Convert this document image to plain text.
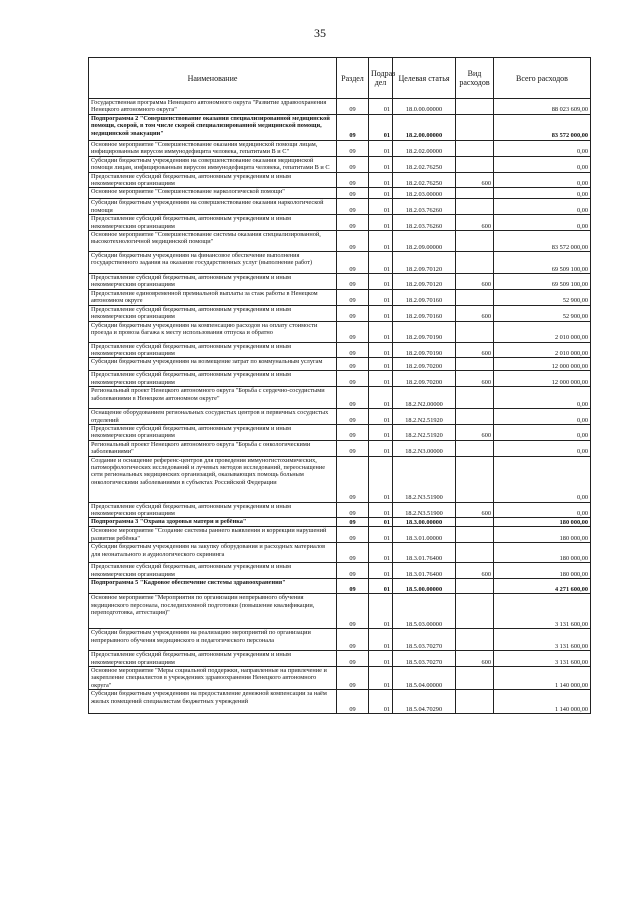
35
Наименование	Раздел	Подраз дел	Целевая статья	Вид расходов	Всего расходов
Государственная программа Ненецкого автономного округа "Развитие здравоохранения Ненецкого автономного округа"	09	01	18.0.00.00000		88 023 609,00
Подпрограмма 2 "Совершенствование оказания специализированной медицинской помощи, скорой, в том числе скорой специализированной медицинской помощи, медицинской эвакуации"	09	01	18.2.00.00000		83 572 000,00
Основное мероприятие "Совершенствование оказания медицинской помощи лицам, инфицированным вирусом иммунодефицита человека, гепатитами В и С"	09	01	18.2.02.00000		0,00
Субсидии бюджетным учреждениям на совершенствование оказания медицинской помощи лицам, инфицированным вирусом иммунодефицита человека, гепатитами В и С	09	01	18.2.02.76250		0,00
Предоставление субсидий бюджетным, автономным учреждениям и иным некоммерческим организациям	09	01	18.2.02.76250	600	0,00
Основное мероприятие "Совершенствование наркологической помощи"	09	01	18.2.03.00000		0,00
Субсидии бюджетным учреждениям на совершенствование оказания наркологической помощи	09	01	18.2.03.76260		0,00
Предоставление субсидий бюджетным, автономным учреждениям и иным некоммерческим организациям	09	01	18.2.03.76260	600	0,00
Основное мероприятие "Совершенствование системы оказания специализированной, высокотехнологичной медицинской помощи"	09	01	18.2.09.00000		83 572 000,00
Субсидии бюджетным учреждениям на финансовое обеспечение выполнения государственного задания на оказание государственных услуг (выполнение работ)	09	01	18.2.09.70120		69 509 100,00
Предоставление субсидий бюджетным, автономным учреждениям и иным некоммерческим организациям	09	01	18.2.09.70120	600	69 509 100,00
Предоставление единовременной премиальной выплаты за стаж работы в Ненецком автономном округе	09	01	18.2.09.70160		52 900,00
Предоставление субсидий бюджетным, автономным учреждениям и иным некоммерческим организациям	09	01	18.2.09.70160	600	52 900,00
Субсидии бюджетным учреждениям на компенсацию расходов на оплату стоимости проезда и провоза багажа к месту использования отпуска и обратно	09	01	18.2.09.70190		2 010 000,00
Предоставление субсидий бюджетным, автономным учреждениям и иным некоммерческим организациям	09	01	18.2.09.70190	600	2 010 000,00
Субсидии бюджетным учреждениям на возмещение затрат по коммунальным услугам	09	01	18.2.09.70200		12 000 000,00
Предоставление субсидий бюджетным, автономным учреждениям и иным некоммерческим организациям	09	01	18.2.09.70200	600	12 000 000,00
Региональный проект Ненецкого автономного округа "Борьба с сердечно-сосудистыми заболеваниями в Ненецком автономном округе"	09	01	18.2.N2.00000		0,00
Оснащение оборудованием региональных сосудистых центров и первичных сосудистых отделений	09	01	18.2.N2.51920		0,00
Предоставление субсидий бюджетным, автономным учреждениям и иным некоммерческим организациям	09	01	18.2.N2.51920	600	0,00
Региональный проект Ненецкого автономного округа "Борьба с онкологическими заболеваниями"	09	01	18.2.N3.00000		0,00
Создание и оснащение референс-центров для проведения иммуногистохимических, патоморфологических исследований и лучевых методов исследований, переоснащение сети региональных медицинских организаций, оказывающих помощь больным онкологическими заболеваниями в субъектах Российской Федерации	09	01	18.2.N3.51900		0,00
Предоставление субсидий бюджетным, автономным учреждениям и иным некоммерческим организациям	09	01	18.2.N3.51900	600	0,00
Подпрограмма 3 "Охрана здоровья матери и ребёнка"	09	01	18.3.00.00000		180 000,00
Основное мероприятие "Создание системы раннего выявления и коррекции нарушений развития ребёнка"	09	01	18.3.01.00000		180 000,00
Субсидии бюджетным учреждениям на закупку оборудования и расходных материалов для неонатального и аудиологического скрининга	09	01	18.3.01.76400		180 000,00
Предоставление субсидий бюджетным, автономным учреждениям и иным некоммерческим организациям	09	01	18.3.01.76400	600	180 000,00
Подпрограмма 5 "Кадровое обеспечение системы здравоохранения"	09	01	18.5.00.00000		4 271 600,00
Основное мероприятие "Мероприятия по организации непрерывного обучения медицинского персонала, последипломной подготовки (повышение квалификации, переподготовка, аттестация)"	09	01	18.5.03.00000		3 131 600,00
Субсидии бюджетным учреждениям на реализацию мероприятий по организации непрерывного обучения медицинского и педагогического персонала	09	01	18.5.03.70270		3 131 600,00
Предоставление субсидий бюджетным, автономным учреждениям и иным некоммерческим организациям	09	01	18.5.03.70270	600	3 131 600,00
Основное мероприятие "Меры социальной поддержки, направленные на привлечение и закрепление специалистов в учреждениях здравоохранения Ненецкого автономного округа"	09	01	18.5.04.00000		1 140 000,00
Субсидии бюджетным учреждениям на предоставление денежной компенсации за наём жилых помещений специалистам бюджетных учреждений	09	01	18.5.04.70290		1 140 000,00
